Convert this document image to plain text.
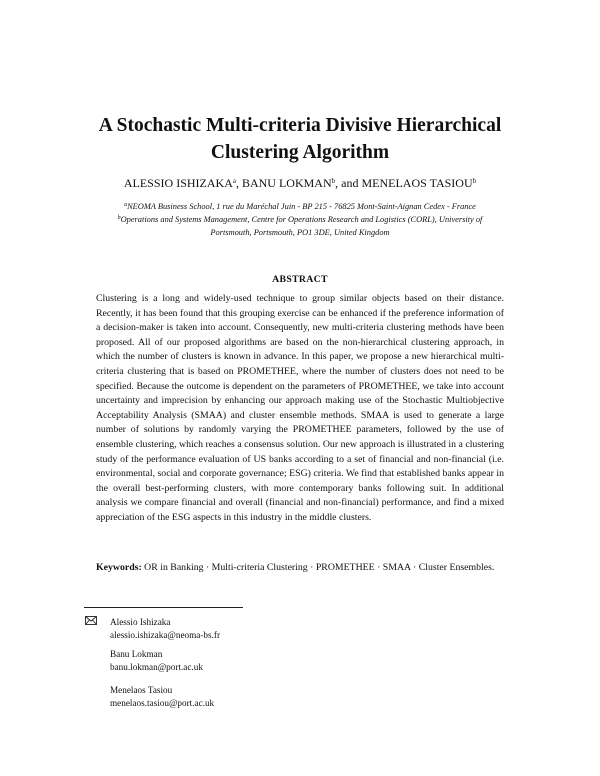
A Stochastic Multi-criteria Divisive Hierarchical
Clustering Algorithm
ALESSIO ISHIZAKA$^a$, BANU LOKMAN$^b$, and MENELAOS TASIOU$^b$
$^a$NEOMA Business School, 1 rue du Maréchal Juin - BP 215 - 76825 Mont-Saint-Aignan Cedex - France
$^b$Operations and Systems Management, Centre for Operations Research and Logistics (CORL), University of
Portsmouth, Portsmouth, PO1 3DE, United Kingdom
ABSTRACT
Clustering is a long and widely-used technique to group similar objects based on their distance. Recently, it has been found that this grouping exercise can be enhanced if the preference information of a decision-maker is taken into account. Consequently, new multi-criteria clustering methods have been proposed. All of our proposed algorithms are based on the non-hierarchical clustering approach, in which the number of clusters is known in advance. In this paper, we propose a new hierarchical multi-criteria clustering that is based on PROMETHEE, where the number of clusters does not need to be specified. Because the outcome is dependent on the parameters of PROMETHEE, we take into account uncertainty and imprecision by enhancing our approach making use of the Stochastic Multiobjective Acceptability Analysis (SMAA) and cluster ensemble methods. SMAA is used to generate a large number of solutions by randomly varying the PROMETHEE parameters, followed by the use of ensemble clustering, which reaches a consensus solution. Our new approach is illustrated in a clustering study of the performance evaluation of US banks according to a set of financial and non-financial (i.e. environmental, social and corporate governance; ESG) criteria. We find that established banks appear in the overall best-performing clusters, with more contemporary banks following suit. In additional analysis we compare financial and overall (financial and non-financial) performance, and find a mixed appreciation of the ESG aspects in this industry in the middle clusters.
Keywords: OR in Banking · Multi-criteria Clustering · PROMETHEE · SMAA · Cluster Ensembles.
Alessio Ishizaka
alessio.ishizaka@neoma-bs.fr
Banu Lokman
banu.lokman@port.ac.uk
Menelaos Tasiou
menelaos.tasiou@port.ac.uk
